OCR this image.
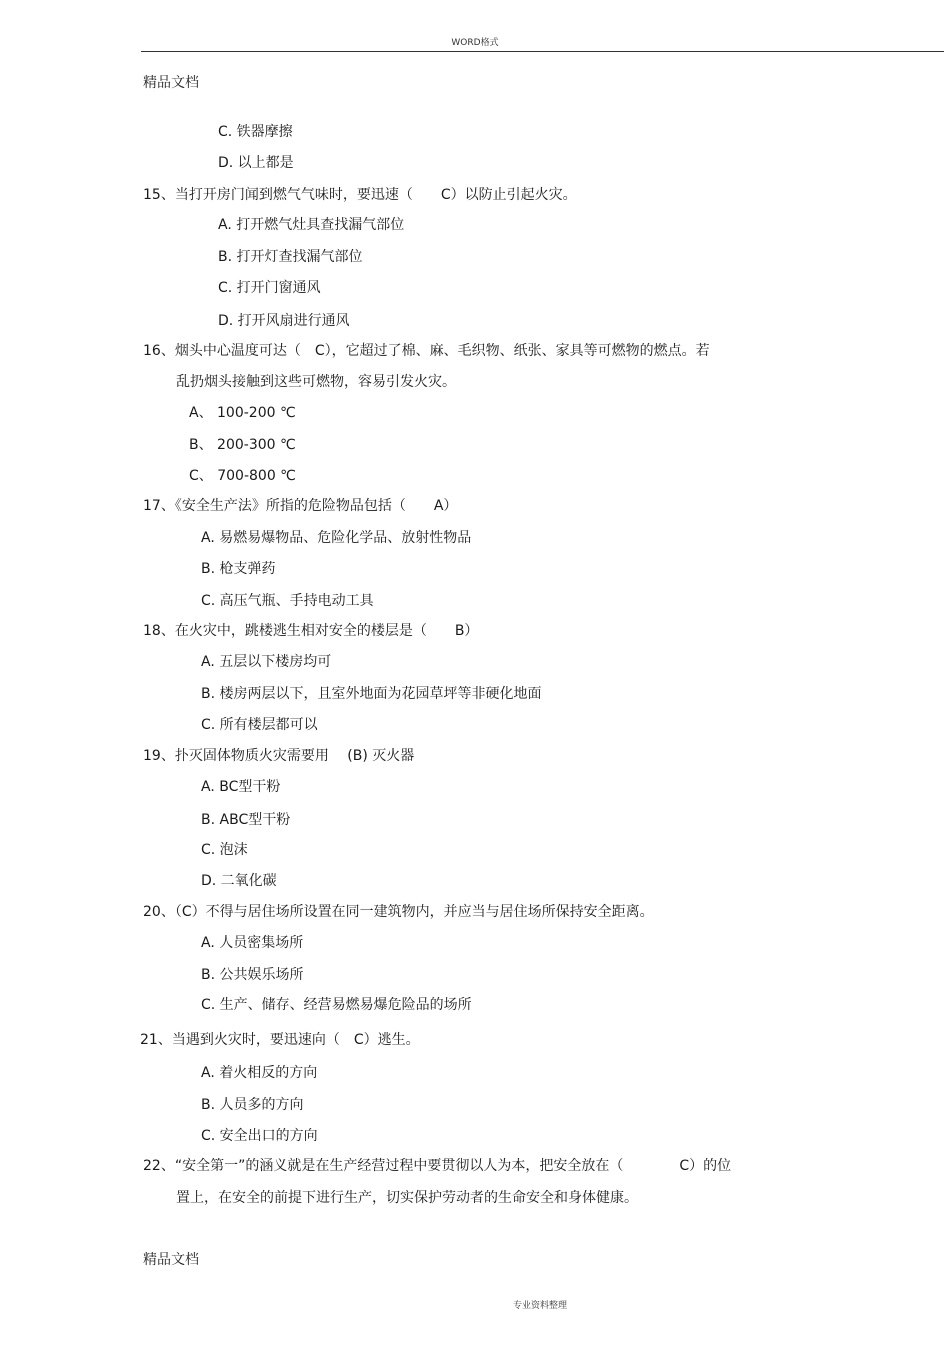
WORD格式
精品文档
C. 铁器摩擦
D. 以上都是
15、当打开房门闻到燃气气味时，要迅速（　　C）以防止引起火灾。
A. 打开燃气灶具查找漏气部位
B. 打开灯查找漏气部位
C. 打开门窗通风
D. 打开风扇进行通风
16、烟头中心温度可达（　C），它超过了棉、麻、毛织物、纸张、家具等可燃物的燃点。若
乱扔烟头接触到这些可燃物，容易引发火灾。
A、 100-200 ℃
B、 200-300 ℃
C、 700-800 ℃
17、《安全生产法》所指的危险物品包括（　　A）
A. 易燃易爆物品、危险化学品、放射性物品
B. 枪支弹药
C. 高压气瓶、手持电动工具
18、在火灾中，跳楼逃生相对安全的楼层是（　　B）
A. 五层以下楼房均可
B. 楼房两层以下，且室外地面为花园草坪等非硬化地面
C. 所有楼层都可以
19、扑灭固体物质火灾需要用　 (B) 灭火器
A. BC型干粉
B. ABC型干粉
C. 泡沫
D. 二氧化碳
20、（C）不得与居住场所设置在同一建筑物内，并应当与居住场所保持安全距离。
A. 人员密集场所
B. 公共娱乐场所
C. 生产、储存、经营易燃易爆危险品的场所
21、当遇到火灾时，要迅速向（　C）逃生。
A. 着火相反的方向
B. 人员多的方向
C. 安全出口的方向
22、“安全第一”的涵义就是在生产经营过程中要贯彻以人为本，把安全放在（　　　　C）的位
置上，在安全的前提下进行生产，切实保护劳动者的生命安全和身体健康。
精品文档
专业资料整理
